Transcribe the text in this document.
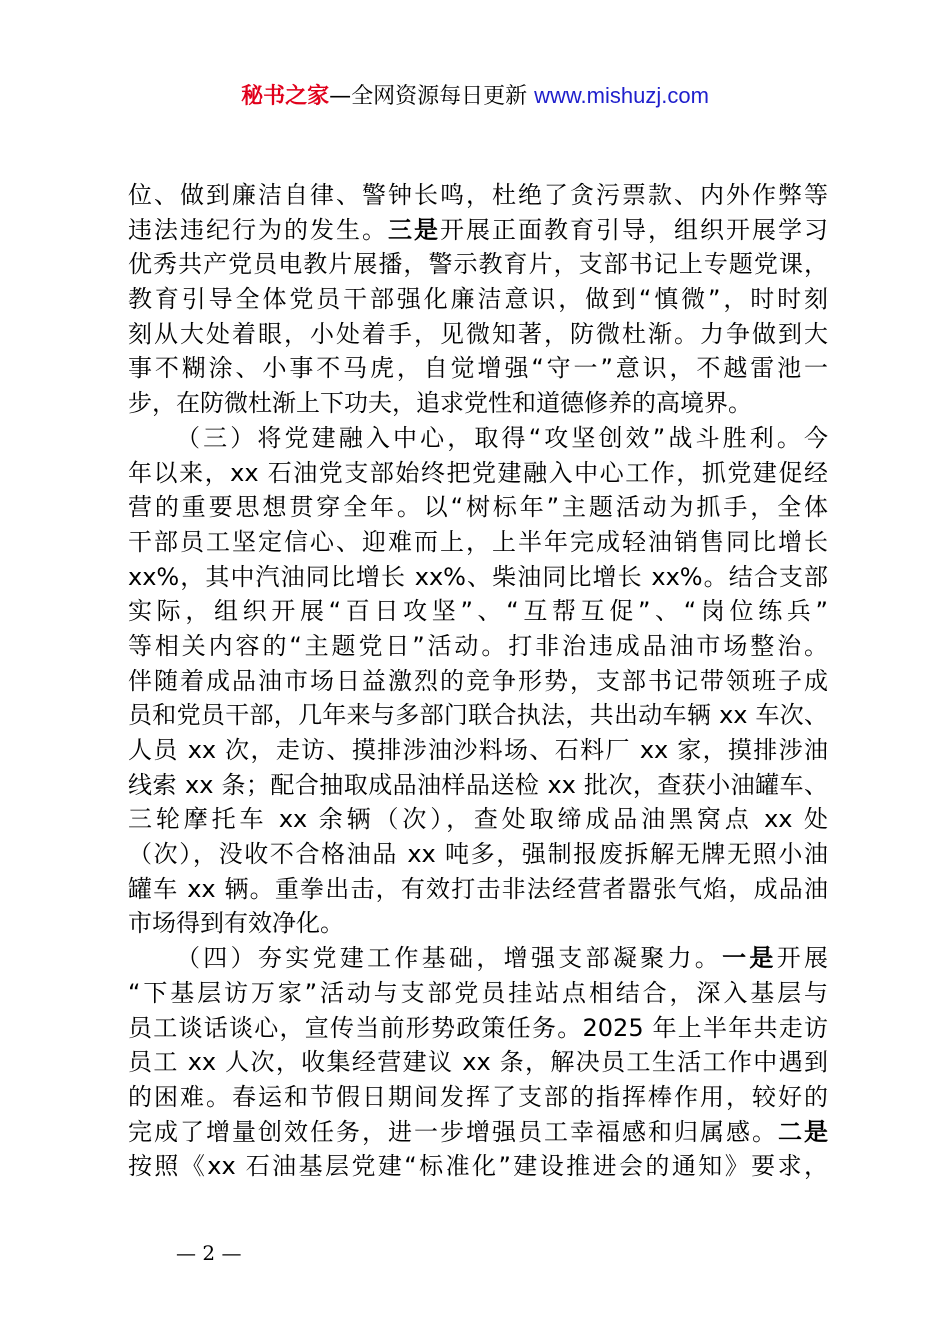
秘书之家—全网资源每日更新 www.mishuzj.com
位、做到廉洁自律、警钟长鸣，杜绝了贪污票款、内外作弊等
违法违纪行为的发生。三是开展正面教育引导，组织开展学习
优秀共产党员电教片展播，警示教育片，支部书记上专题党课，
教育引导全体党员干部强化廉洁意识，做到“慎微”，时时刻
刻从大处着眼，小处着手，见微知著，防微杜渐。力争做到大
事不糊涂、小事不马虎，自觉增强“守一”意识，不越雷池一
步，在防微杜渐上下功夫，追求党性和道德修养的高境界。
（三）将党建融入中心，取得“攻坚创效”战斗胜利。今
年以来，xx 石油党支部始终把党建融入中心工作，抓党建促经
营的重要思想贯穿全年。以“树标年”主题活动为抓手，全体
干部员工坚定信心、迎难而上，上半年完成轻油销售同比增长
xx%，其中汽油同比增长 xx%、柴油同比增长 xx%。结合支部
实际，组织开展“百日攻坚”、“互帮互促”、“岗位练兵”
等相关内容的“主题党日”活动。打非治违成品油市场整治。
伴随着成品油市场日益激烈的竞争形势，支部书记带领班子成
员和党员干部，几年来与多部门联合执法，共出动车辆 xx 车次、
人员 xx 次，走访、摸排涉油沙料场、石料厂 xx 家，摸排涉油
线索 xx 条；配合抽取成品油样品送检 xx 批次，查获小油罐车、
三轮摩托车 xx 余辆（次），查处取缔成品油黑窝点 xx 处
（次），没收不合格油品 xx 吨多，强制报废拆解无牌无照小油
罐车 xx 辆。重拳出击，有效打击非法经营者嚣张气焰，成品油
市场得到有效净化。
（四）夯实党建工作基础，增强支部凝聚力。一是开展
“下基层访万家”活动与支部党员挂站点相结合，深入基层与
员工谈话谈心，宣传当前形势政策任务。2025 年上半年共走访
员工 xx 人次，收集经营建议 xx 条，解决员工生活工作中遇到
的困难。春运和节假日期间发挥了支部的指挥棒作用，较好的
完成了增量创效任务，进一步增强员工幸福感和归属感。二是
按照《xx 石油基层党建“标准化”建设推进会的通知》要求，
— 2 —
